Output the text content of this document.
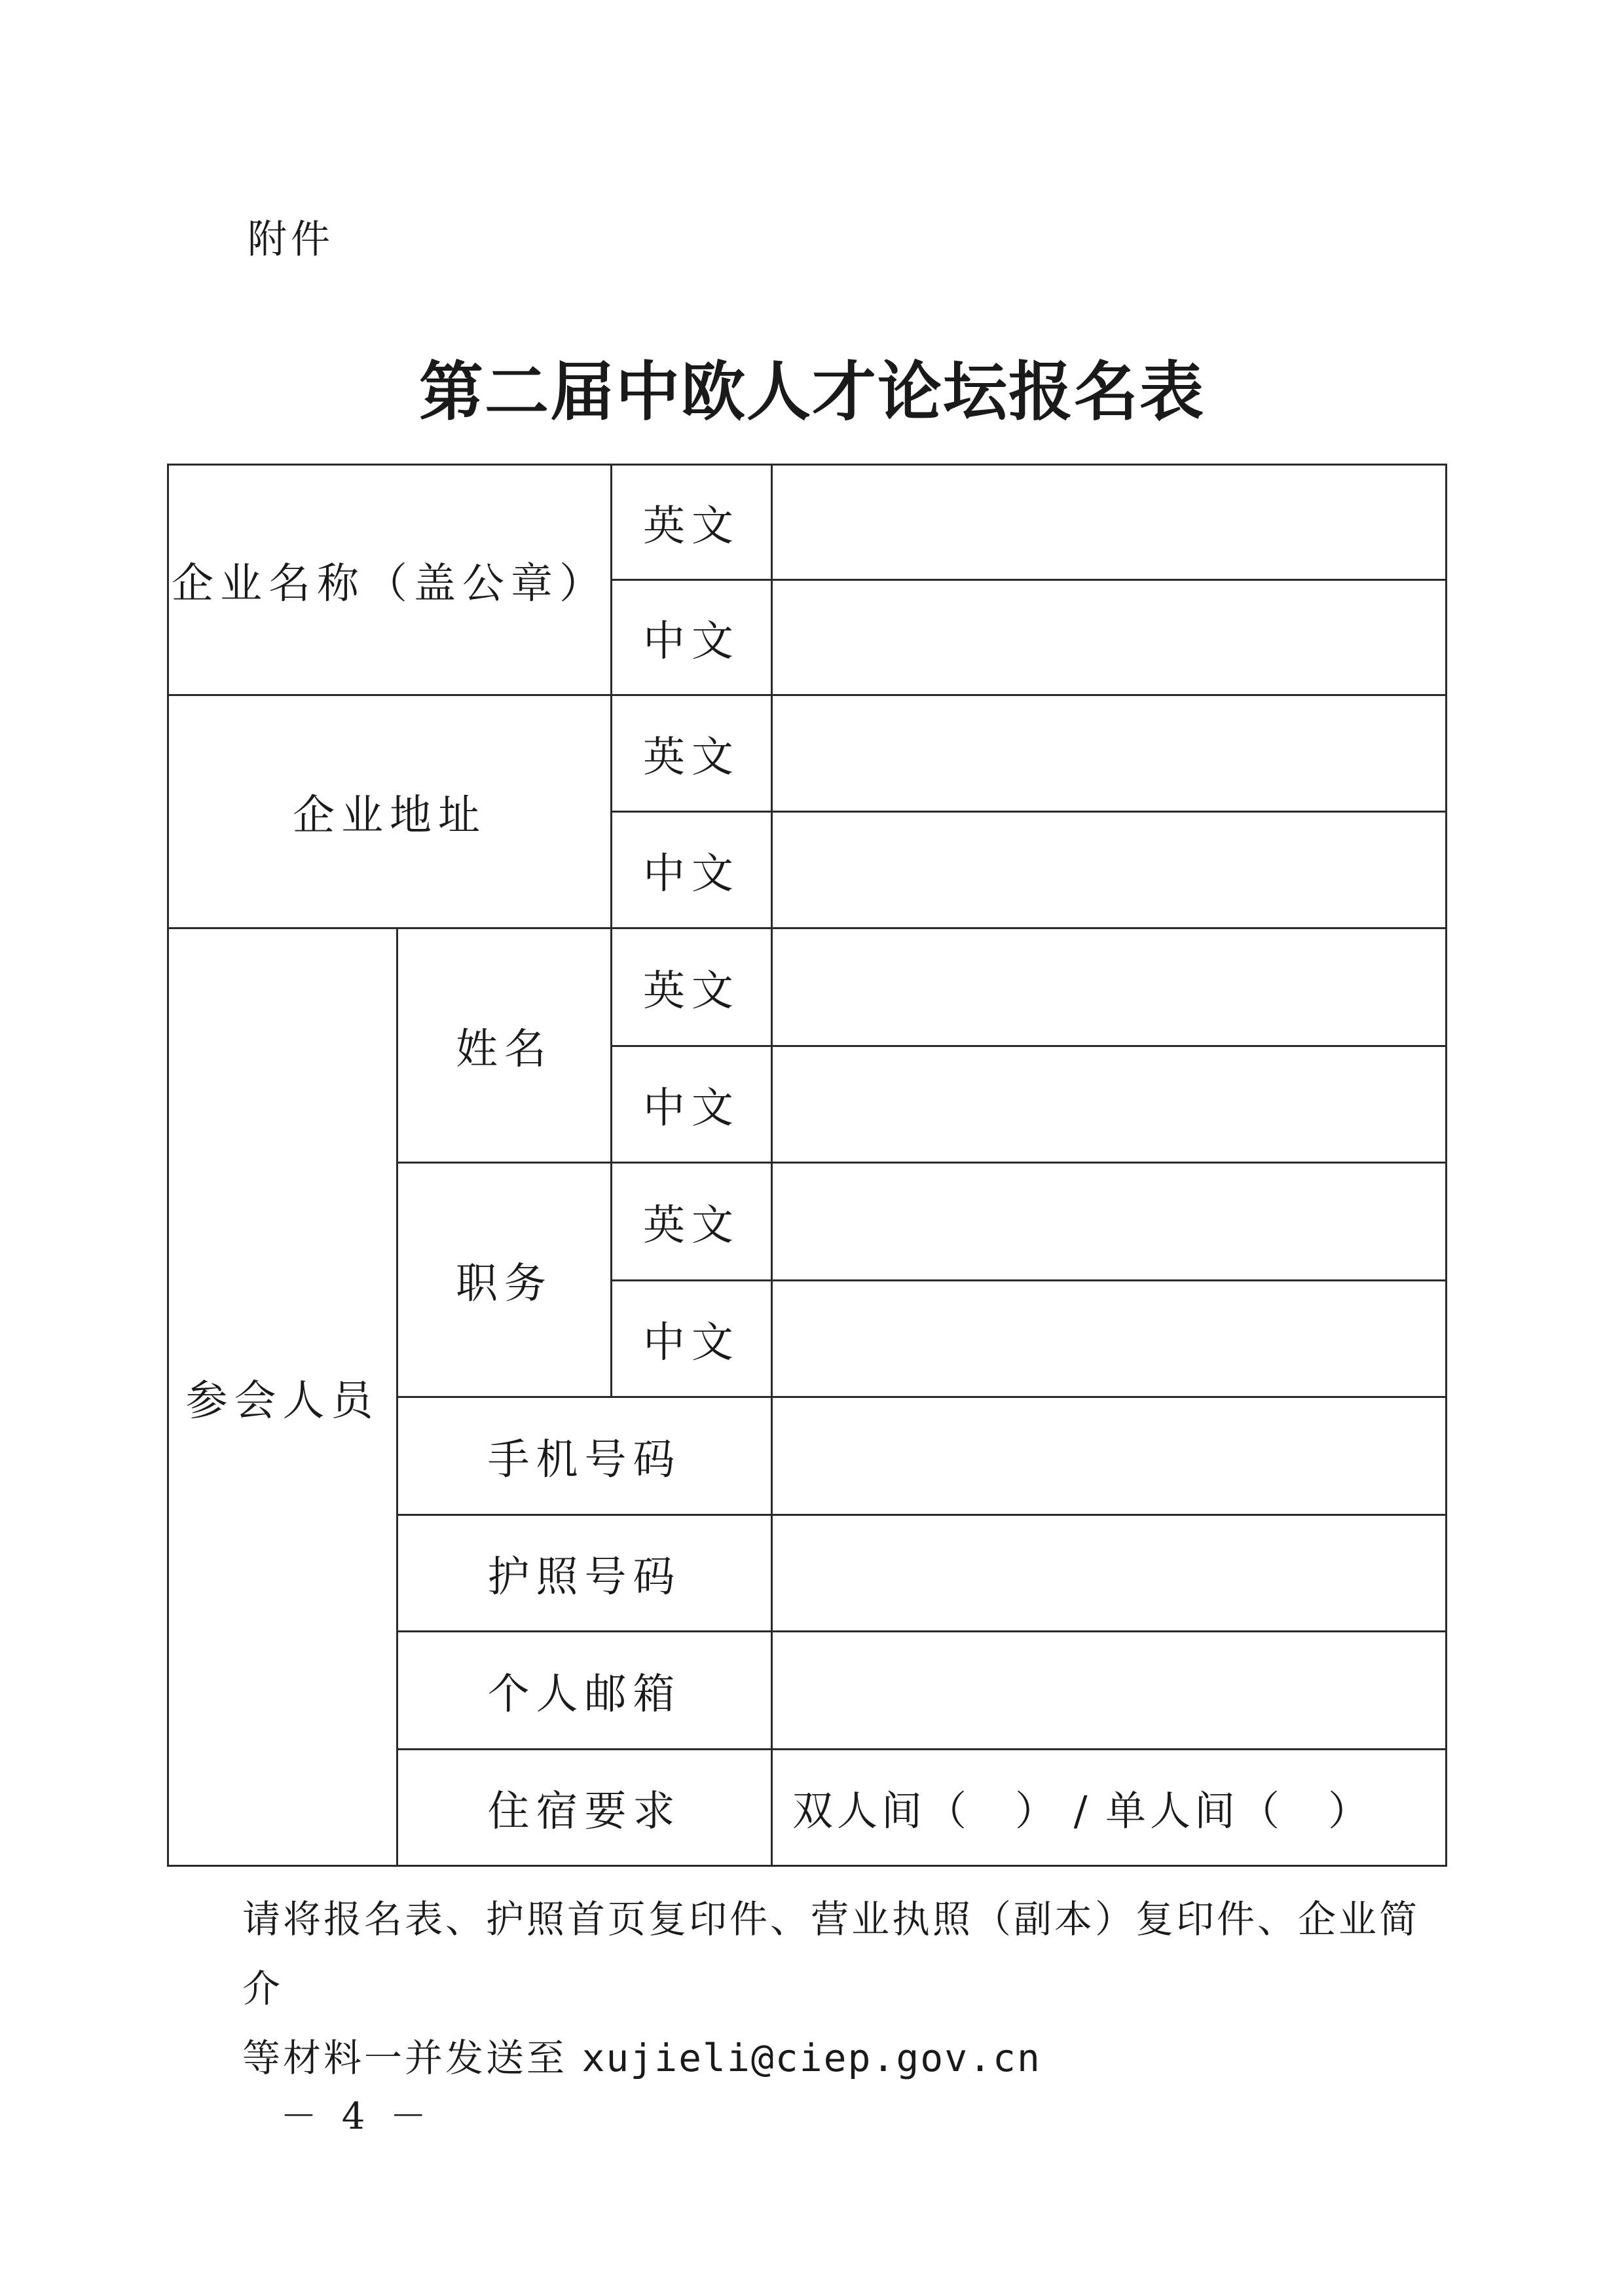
附件
第二届中欧人才论坛报名表
企业名称（盖公章）		英文	
		中文	
企业地址		英文	
		中文	
参会人员	姓名	英文	
		中文	
	职务	英文	
		中文	
	手机号码		
	护照号码		
	个人邮箱		
	住宿要求		双人间（　） / 单人间（　）
请将报名表、护照首页复印件、营业执照（副本）复印件、企业简介
等材料一并发送至 xujieli@ciep.gov.cn
－ 4 －
